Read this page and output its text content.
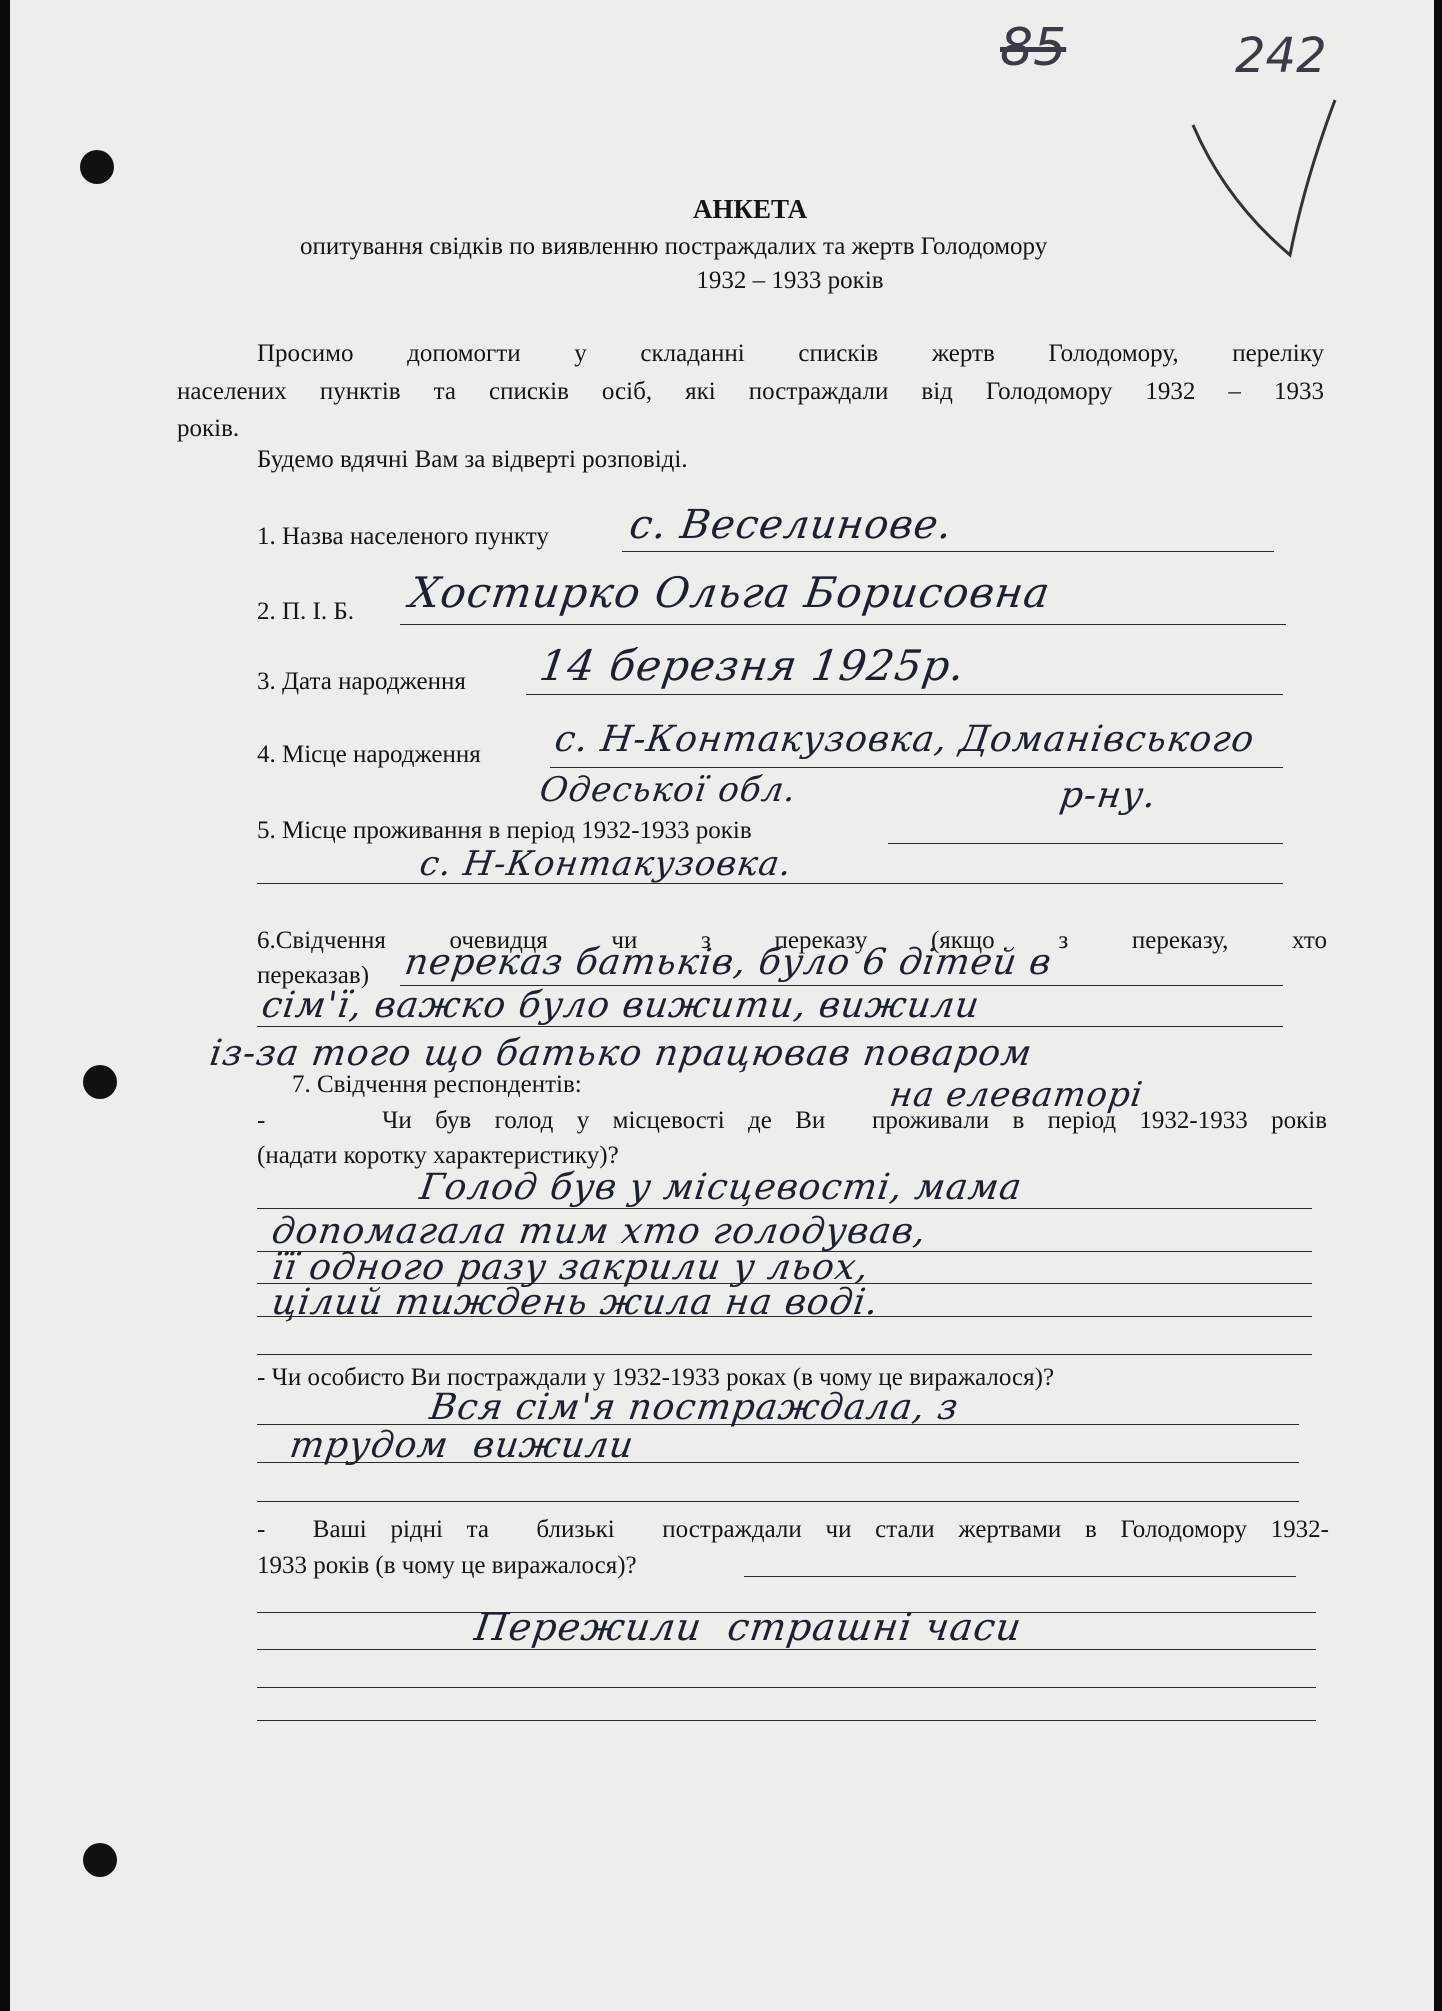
85	242
АНКЕТА
опитування свідків по виявленню постраждалих та жертв Голодомору
1932 – 1933 років
Просимо допомогти у складанні списків жертв Голодомору, переліку
населених пунктів та списків осіб, які постраждали від Голодомору 1932 – 1933
років.
Будемо вдячні Вам за відверті розповіді.
1. Назва населеного пункту с. Веселинове.
2. П. І. Б. Хостирко Ольга Борисовна
3. Дата народження 14 березня 1925р.
4. Місце народження с. Н-Контакузовка, Доманівського
Одеської обл.	р-ну.
5. Місце проживання в період 1932-1933 років
с. Н-Контакузовка.
6.Свідчення очевидця чи з переказу (якщо з переказу, хто
переказав) переказ батьків, було 6 дітей в
сім'ї, важко було вижити, вижили
із-за того що батько працював поваром
на елеваторі
7. Свідчення респондентів:
-     Чи був голод у місцевості де Ви  проживали в період 1932-1933 років
(надати коротку характеристику)?
Голод був у місцевості, мама
допомагала тим хто голодував,
її одного разу закрили у льох,
цілий тиждень жила на воді.
- Чи особисто Ви постраждали у 1932-1933 роках (в чому це виражалося)?
Вся сім'я постраждала, з
трудом  вижили
-  Ваші рідні та  близькі  постраждали чи стали жертвами в Голодомору 1932-
1933 років (в чому це виражалося)?
Пережили  страшні часи
